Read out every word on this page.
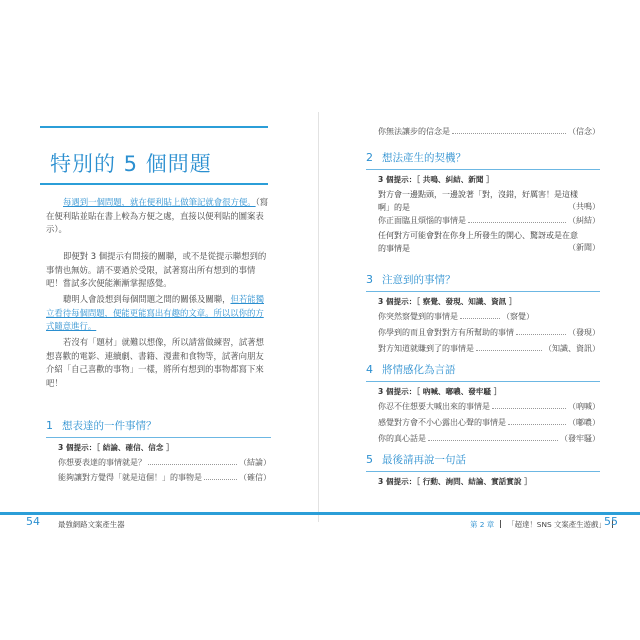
特別的 5 個問題
每遇到一個問題，就在便利貼上做筆記就會很方便。（寫在便利貼並貼在書上較為方便之處，直接以便利貼的圖案表示）。

即便對 3 個提示有問接的關聯，或不是從提示聯想到的事情也無妨。請不要過於受限，試著寫出所有想到的事情吧！嘗試多次便能漸漸掌握感覺。

聰明人會設想到每個問題之間的關係及關聯，但若能獨立看待每個問題，便能更能寫出有趣的文章。所以以你的方式隨意進行。

若沒有「題材」就難以想像，所以請當做練習，試著想想喜歡的電影、連續劇、書籍、漫畫和食物等，試著向朋友介紹「自己喜歡的事物」一樣，將所有想到的事物都寫下來吧！

1 想表達的一件事情？
3 個提示：［ 結論、確信、信念 ］
你想要表達的事情就是？	（結論）
能夠讓對方覺得「就是這個！」的事物是	（確信）
54 最強網路文案產生器
你無法讓步的信念是	（信念）
2 想法產生的契機？
3 個提示：［ 共鳴、糾結、新聞 ］
對方會一邊點頭，一邊說著「對，沒錯，好厲害！是這樣啊」的是	（共鳴）
你正面臨且煩惱的事情是	（糾結）
任何對方可能會對在你身上所發生的開心、驚訝或是在意的事情是	（新聞）
3 注意到的事情？
3 個提示：［ 察覺、發現、知識、資訊 ］
你突然察覺到的事情是	（察覺）
你學到的而且會對對方有所幫助的事情	（發現）
對方知道就賺到了的事情是	（知識、資訊）
4 將情感化為言語
3 個提示：［ 吶喊、嘟噥、發牢騷 ］
你忍不住想要大喊出來的事情是	（吶喊）
感覺對方會不小心露出心聲的事情是	（嘟噥）
你的真心話是	（發牢騷）
5 最後請再說一句話
3 個提示：［ 行動、詢問、結論、實話實說 ］
第 2 章 「超達！SNS 文案產生遊戲」
55
